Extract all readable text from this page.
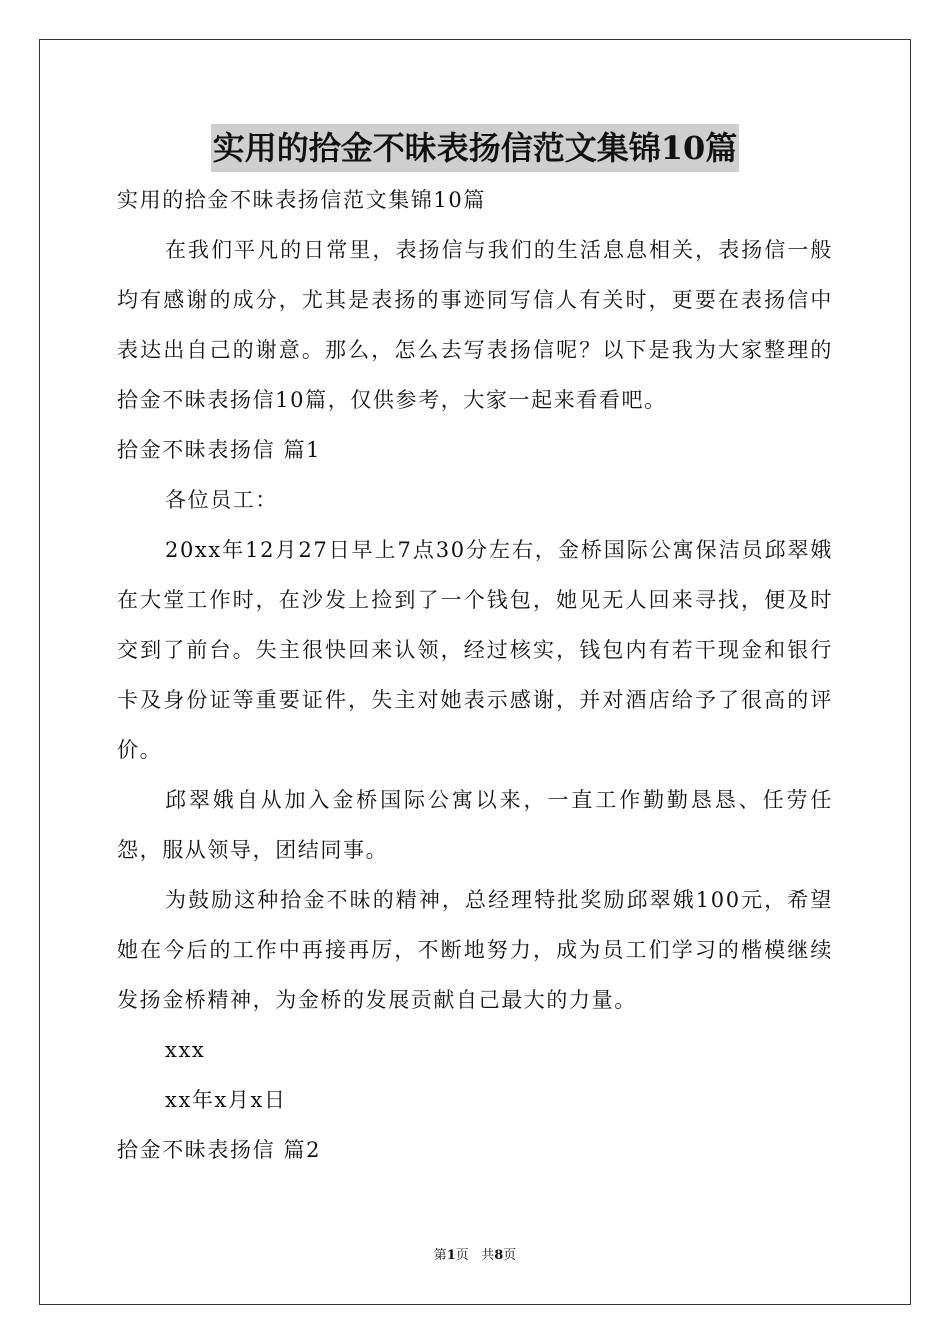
实用的拾金不昧表扬信范文集锦10篇
实用的拾金不昧表扬信范文集锦10篇

在我们平凡的日常里，表扬信与我们的生活息息相关，表扬信一般均有感谢的成分，尤其是表扬的事迹同写信人有关时，更要在表扬信中表达出自己的谢意。那么，怎么去写表扬信呢？以下是我为大家整理的拾金不昧表扬信10篇，仅供参考，大家一起来看看吧。

拾金不昧表扬信 篇1
各位员工：

20xx年12月27日早上7点30分左右，金桥国际公寓保洁员邱翠娥在大堂工作时，在沙发上捡到了一个钱包，她见无人回来寻找，便及时交到了前台。失主很快回来认领，经过核实，钱包内有若干现金和银行卡及身份证等重要证件，失主对她表示感谢，并对酒店给予了很高的评价。

邱翠娥自从加入金桥国际公寓以来，一直工作勤勤恳恳、任劳任怨，服从领导，团结同事。

为鼓励这种拾金不昧的精神，总经理特批奖励邱翠娥100元，希望她在今后的工作中再接再厉，不断地努力，成为员工们学习的楷模继续发扬金桥精神，为金桥的发展贡献自己最大的力量。

xxx
xx年x月x日
拾金不昧表扬信 篇2
第1页 共8页
